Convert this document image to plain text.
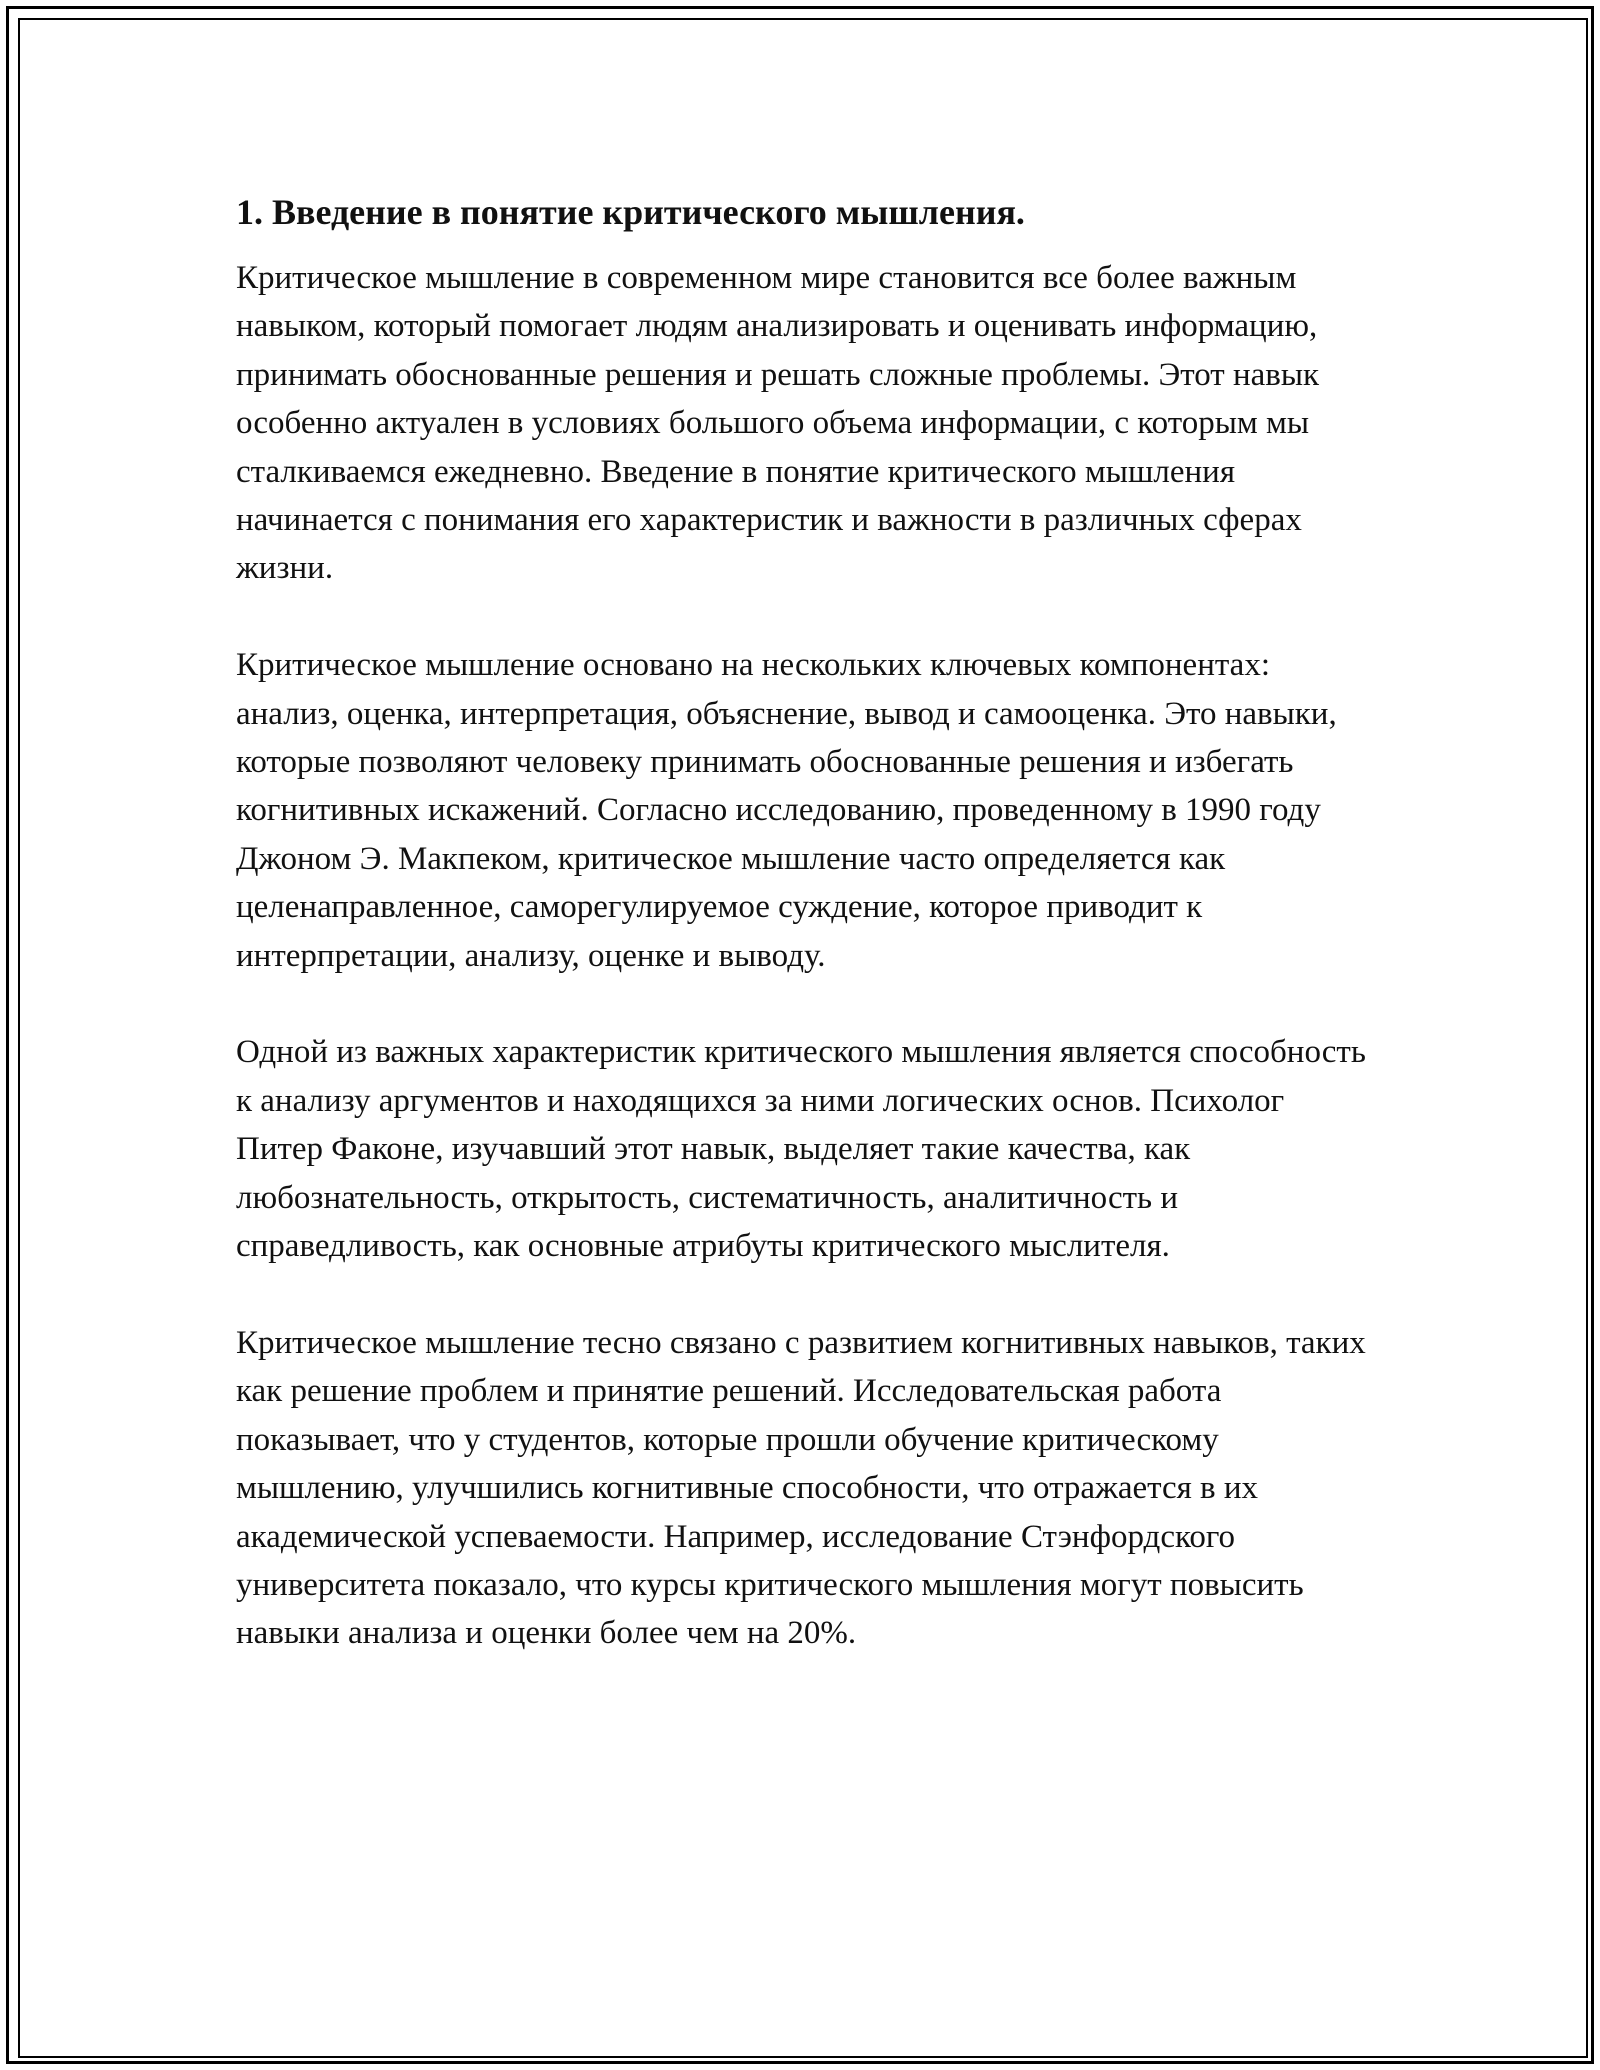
1. Введение в понятие критического мышления.

Критическое мышление в современном мире становится все более важным навыком, который помогает людям анализировать и оценивать информацию, принимать обоснованные решения и решать сложные проблемы. Этот навык особенно актуален в условиях большого объема информации, с которым мы сталкиваемся ежедневно. Введение в понятие критического мышления начинается с понимания его характеристик и важности в различных сферах жизни.

Критическое мышление основано на нескольких ключевых компонентах: анализ, оценка, интерпретация, объяснение, вывод и самооценка. Это навыки, которые позволяют человеку принимать обоснованные решения и избегать когнитивных искажений. Согласно исследованию, проведенному в 1990 году Джоном Э. Макпеком, критическое мышление часто определяется как целенаправленное, саморегулируемое суждение, которое приводит к интерпретации, анализу, оценке и выводу.

Одной из важных характеристик критического мышления является способность к анализу аргументов и находящихся за ними логических основ. Психолог Питер Факоне, изучавший этот навык, выделяет такие качества, как любознательность, открытость, систематичность, аналитичность и справедливость, как основные атрибуты критического мыслителя.

Критическое мышление тесно связано с развитием когнитивных навыков, таких как решение проблем и принятие решений. Исследовательская работа показывает, что у студентов, которые прошли обучение критическому мышлению, улучшились когнитивные способности, что отражается в их академической успеваемости. Например, исследование Стэнфордского университета показало, что курсы критического мышления могут повысить навыки анализа и оценки более чем на 20%.
